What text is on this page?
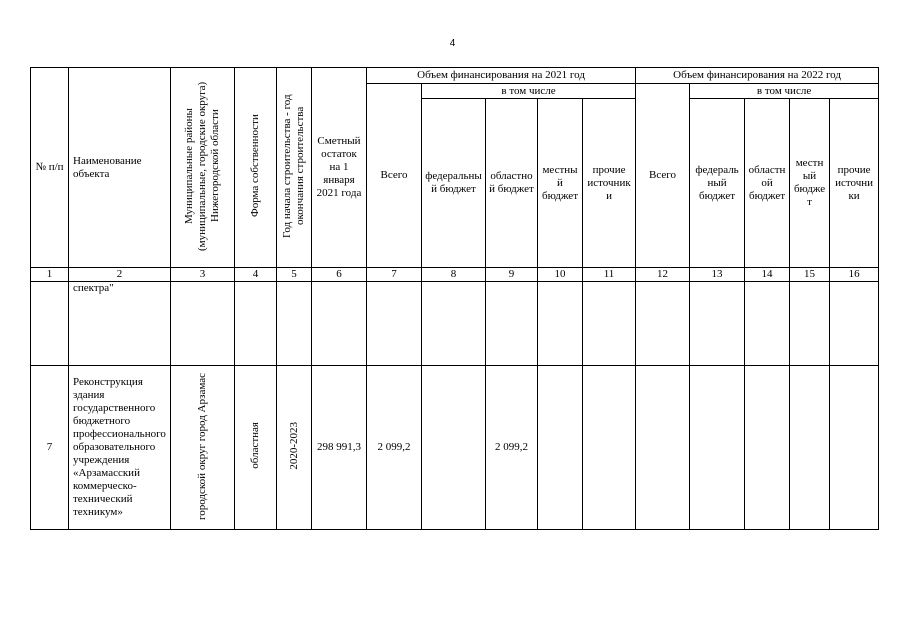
4
№ п/п	Наименование объекта	Муниципальные районы (муниципальные, городские округа) Нижегородской области	Форма собственности	Год начала строительства - год окончания строительства	Сметный остаток на 1 января 2021 года	Объем финансирования на 2021 год					Объем финансирования на 2022 год				
						Всего	в том числе				Всего	в том числе			
							федеральный бюджет	областной бюджет	местный бюджет	прочие источники		федеральный бюджет	областной бюджет	местный бюджет	прочие источники
1	2	3	4	5	6	7	8	9	10	11	12	13	14	15	16
	спектра"														
7	Реконструкция здания государственного бюджетного профессионального образовательного учреждения «Арзамасский коммерческо-технический техникум»	городской округ город Арзамас	областная	2020-2023	298 991,3	2 099,2		2 099,2							
